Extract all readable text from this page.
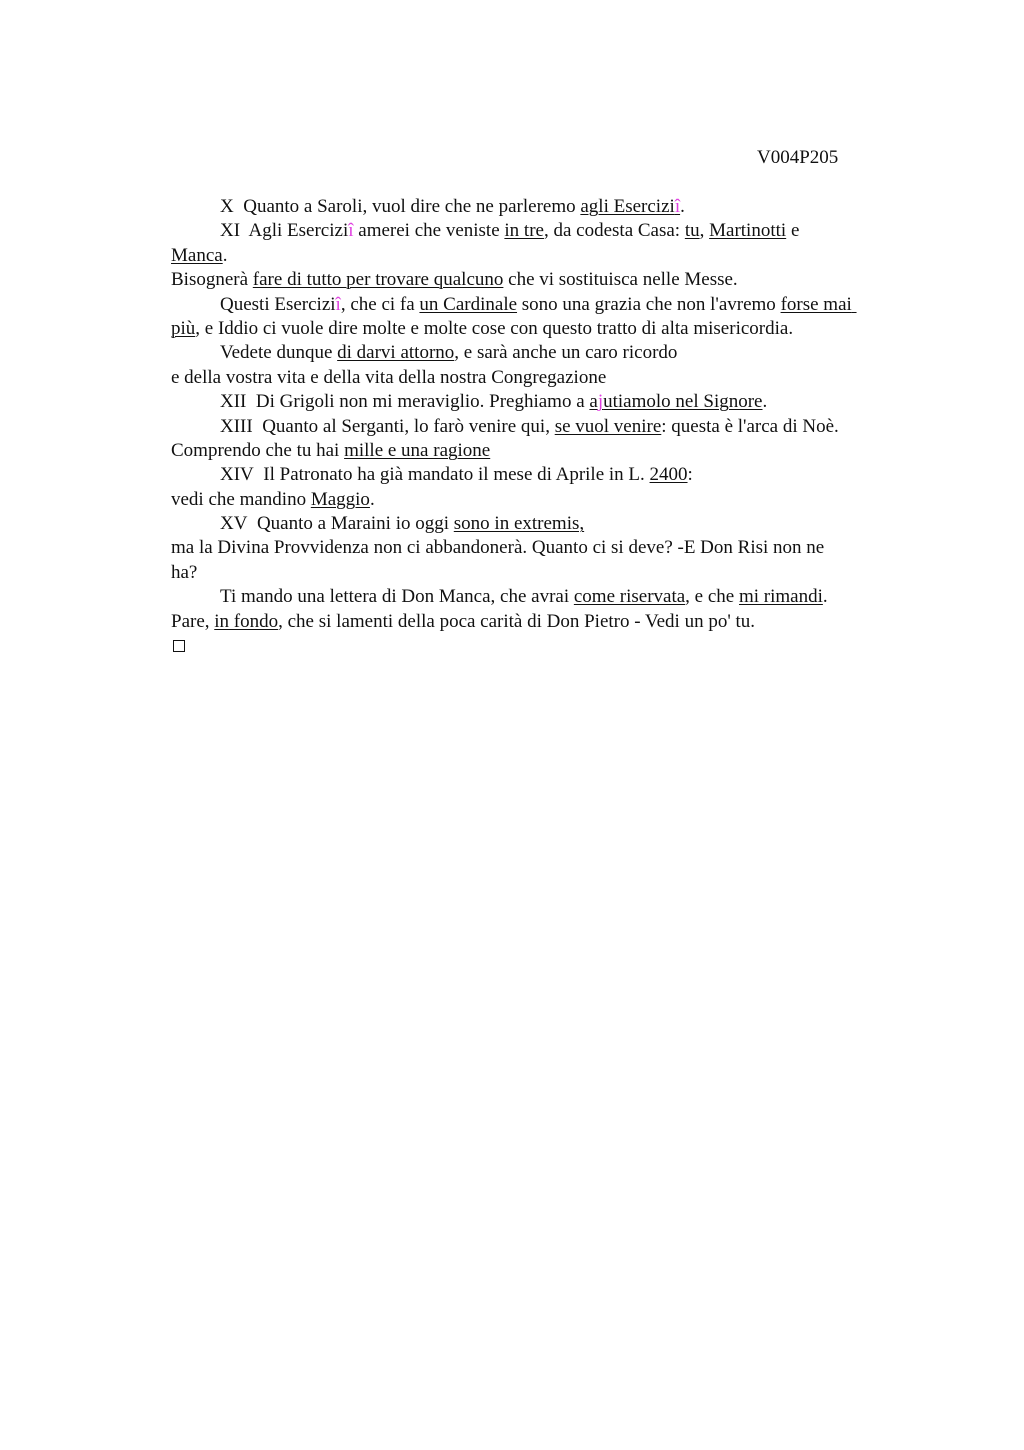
V004P205
X Quanto a Saroli, vuol dire che ne parleremo agli Eserciziî.
XI Agli Eserciziî amerei che veniste in tre, da codesta Casa: tu, Martinotti e
Manca.
Bisognerà fare di tutto per trovare qualcuno che vi sostituisca nelle Messe.
Questi Eserciziî, che ci fa un Cardinale sono una grazia che non l'avremo forse mai
più, e Iddio ci vuole dire molte e molte cose con questo tratto di alta misericordia.
Vedete dunque di darvi attorno, e sarà anche un caro ricordo
e della vostra vita e della vita della nostra Congregazione
XII Di Grigoli non mi meraviglio. Preghiamo a ajutiamolo nel Signore.
XIII Quanto al Serganti, lo farò venire qui, se vuol venire: questa è l'arca di Noè.
Comprendo che tu hai mille e una ragione
XIV Il Patronato ha già mandato il mese di Aprile in L. 2400:
vedi che mandino Maggio.
XV Quanto a Maraini io oggi sono in extremis,
ma la Divina Provvidenza non ci abbandonerà. Quanto ci si deve? -E Don Risi non ne
ha?
Ti mando una lettera di Don Manca, che avrai come riservata, e che mi rimandi.
Pare, in fondo, che si lamenti della poca carità di Don Pietro - Vedi un po' tu.
